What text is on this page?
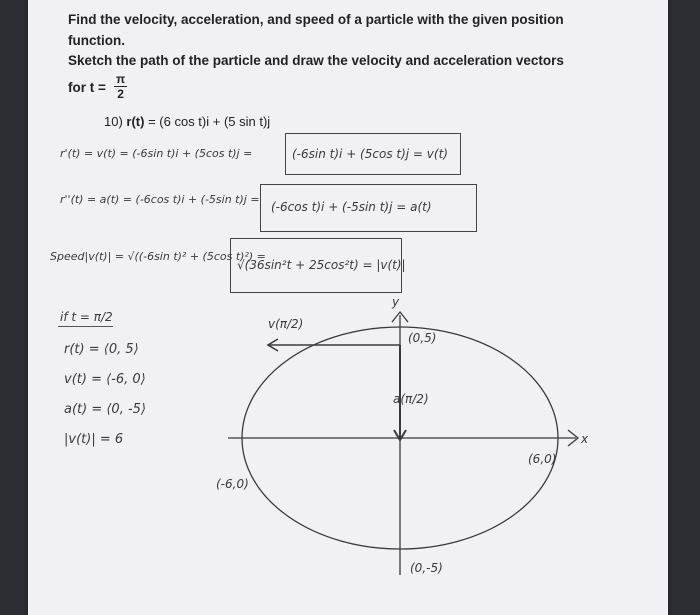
Find the velocity, acceleration, and speed of a particle with the given position
function.
Sketch the path of the particle and draw the velocity and acceleration vectors
for $t = \frac{\pi}{2}$
10) r(t) = (6 cos t)i + (5 sin t)j
r'(t) = v(t) = (-6sin t)i + (5cos t)j =	(-6sin t)i + (5cos t)j = v(t)
r''(t) = a(t) = (-6cos t)i + (-5sin t)j =
(-6cos t)i + (-5sin t)j = a(t)
Speed|v(t)| = √((-6sin t)² + (5cos t)²) =
√(36sin²t + 25cos²t) = |v(t)|
if t = π/2
r(t) = ⟨0, 5⟩
v(t) = ⟨-6, 0⟩
a(t) = ⟨0, -5⟩
|v(t)| = 6
v(π/2)
y
x
(0,5)
a(π/2)
(6,0)
(-6,0)
(0,-5)
